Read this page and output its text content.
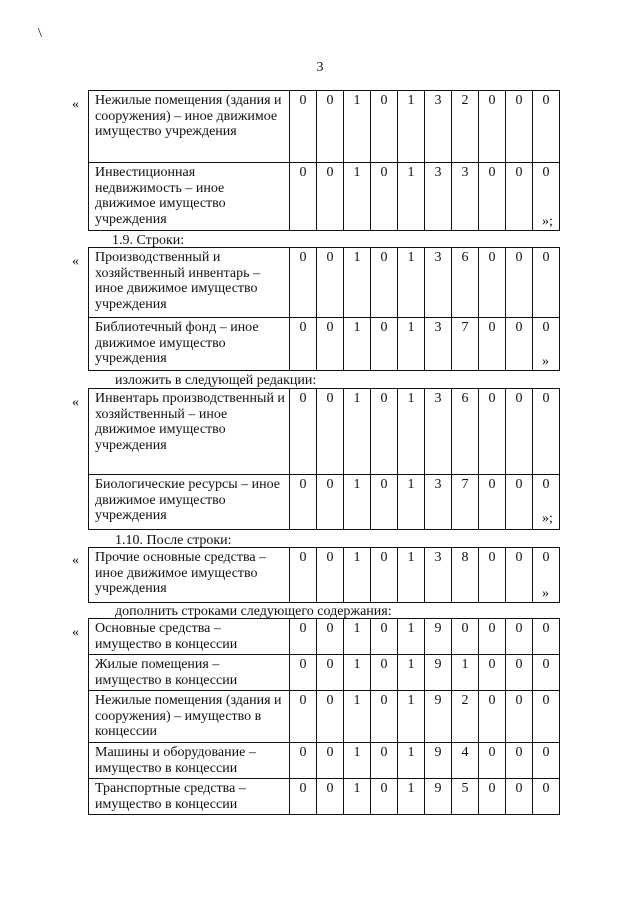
\
3
« Нежилые помещения (здания и сооружения) – иное движимое имущество учреждения	0	0	1	0	1	3	2	0	0	0
Инвестиционная недвижимость – иное движимое имущество учреждения	0	0	1	0	1	3	3	0	0	0
»;
1.9. Строки:
« Производственный и хозяйственный инвентарь – иное движимое имущество учреждения	0	0	1	0	1	3	6	0	0	0
Библиотечный фонд – иное движимое имущество учреждения	0	0	1	0	1	3	7	0	0	0
»
изложить в следующей редакции:
« Инвентарь производственный и хозяйственный – иное движимое имущество учреждения	0	0	1	0	1	3	6	0	0	0
Биологические ресурсы – иное движимое имущество учреждения	0	0	1	0	1	3	7	0	0	0
»;
1.10. После строки:
« Прочие основные средства – иное движимое имущество учреждения	0	0	1	0	1	3	8	0	0	0
»
дополнить строками следующего содержания:
« Основные средства – имущество в концессии	0	0	1	0	1	9	0	0	0	0
Жилые помещения – имущество в концессии	0	0	1	0	1	9	1	0	0	0
Нежилые помещения (здания и сооружения) – имущество в концессии	0	0	1	0	1	9	2	0	0	0
Машины и оборудование – имущество в концессии	0	0	1	0	1	9	4	0	0	0
Транспортные средства – имущество в концессии	0	0	1	0	1	9	5	0	0	0
